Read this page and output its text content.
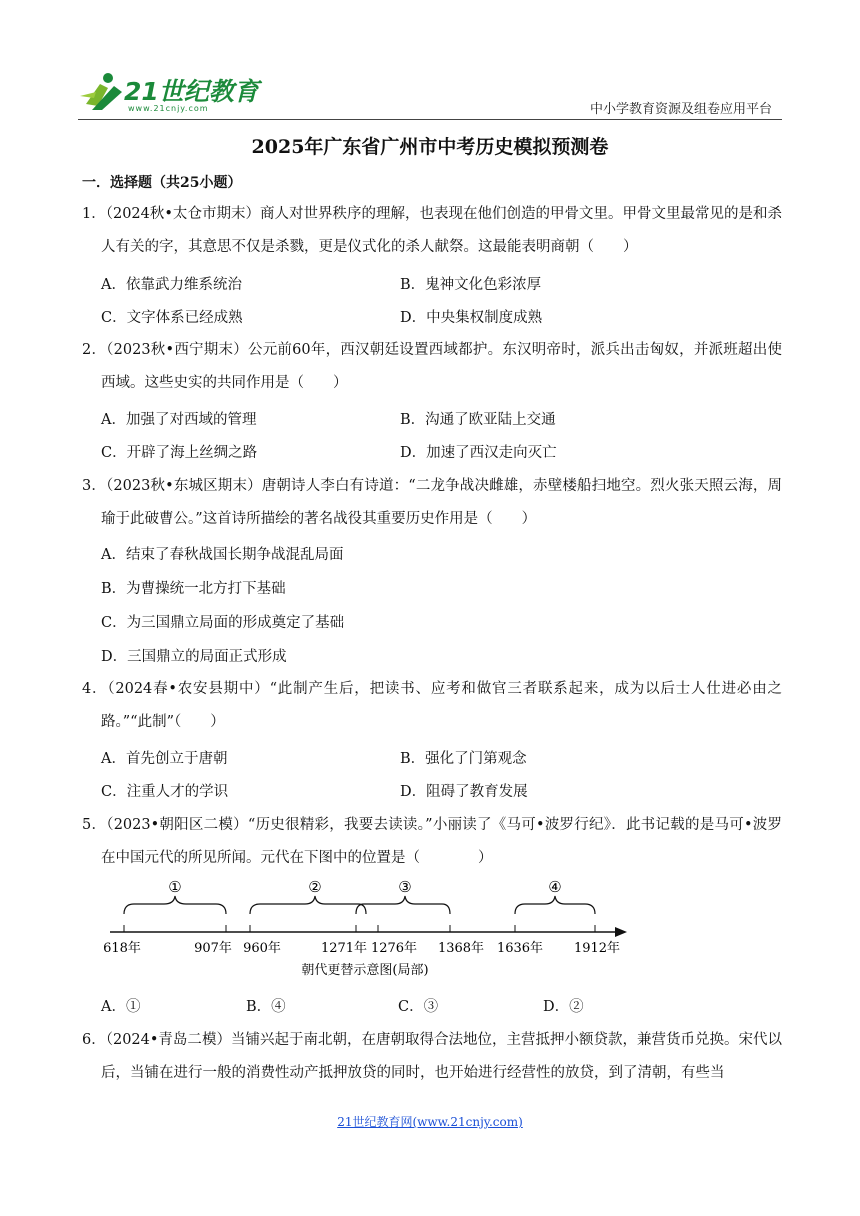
21世纪教育
www.21cnjy.com	中小学教育资源及组卷应用平台
2025年广东省广州市中考历史模拟预测卷
一．选择题（共25小题）
1．（2024秋•太仓市期末）商人对世界秩序的理解，也表现在他们创造的甲骨文里。甲骨文里最常见的是和杀人有关的字，其意思不仅是杀戮，更是仪式化的杀人献祭。这最能表明商朝（　　）
A．依靠武力维系统治	B．鬼神文化色彩浓厚
C．文字体系已经成熟	D．中央集权制度成熟
2．（2023秋•西宁期末）公元前60年，西汉朝廷设置西域都护。东汉明帝时，派兵出击匈奴，并派班超出使西域。这些史实的共同作用是（　　）
A．加强了对西域的管理	B．沟通了欧亚陆上交通
C．开辟了海上丝绸之路	D．加速了西汉走向灭亡
3．（2023秋•东城区期末）唐朝诗人李白有诗道：“二龙争战决雌雄，赤壁楼船扫地空。烈火张天照云海，周瑜于此破曹公。”这首诗所描绘的著名战役其重要历史作用是（　　）
A．结束了春秋战国长期争战混乱局面
B．为曹操统一北方打下基础
C．为三国鼎立局面的形成奠定了基础
D．三国鼎立的局面正式形成
4．（2024春•农安县期中）“此制产生后，把读书、应考和做官三者联系起来，成为以后士人仕进必由之路。”“此制”（　　）
A．首先创立于唐朝	B．强化了门第观念
C．注重人才的学识	D．阻碍了教育发展
5．（2023•朝阳区二模）“历史很精彩，我要去读读。”小丽读了《马可•波罗行纪》．此书记载的是马可•波罗在中国元代的所见所闻。元代在下图中的位置是（　　　　）
①	②	③	④
618年	907年 960年	1271年 1276年 1368年 1636年 1912年
朝代更替示意图(局部)
A．①	B．④	C．③	D．②
6．（2024•青岛二模）当铺兴起于南北朝，在唐朝取得合法地位，主营抵押小额贷款，兼营货币兑换。宋代以后，当铺在进行一般的消费性动产抵押放贷的同时，也开始进行经营性的放贷，到了清朝，有些当
21世纪教育网(www.21cnjy.com)
